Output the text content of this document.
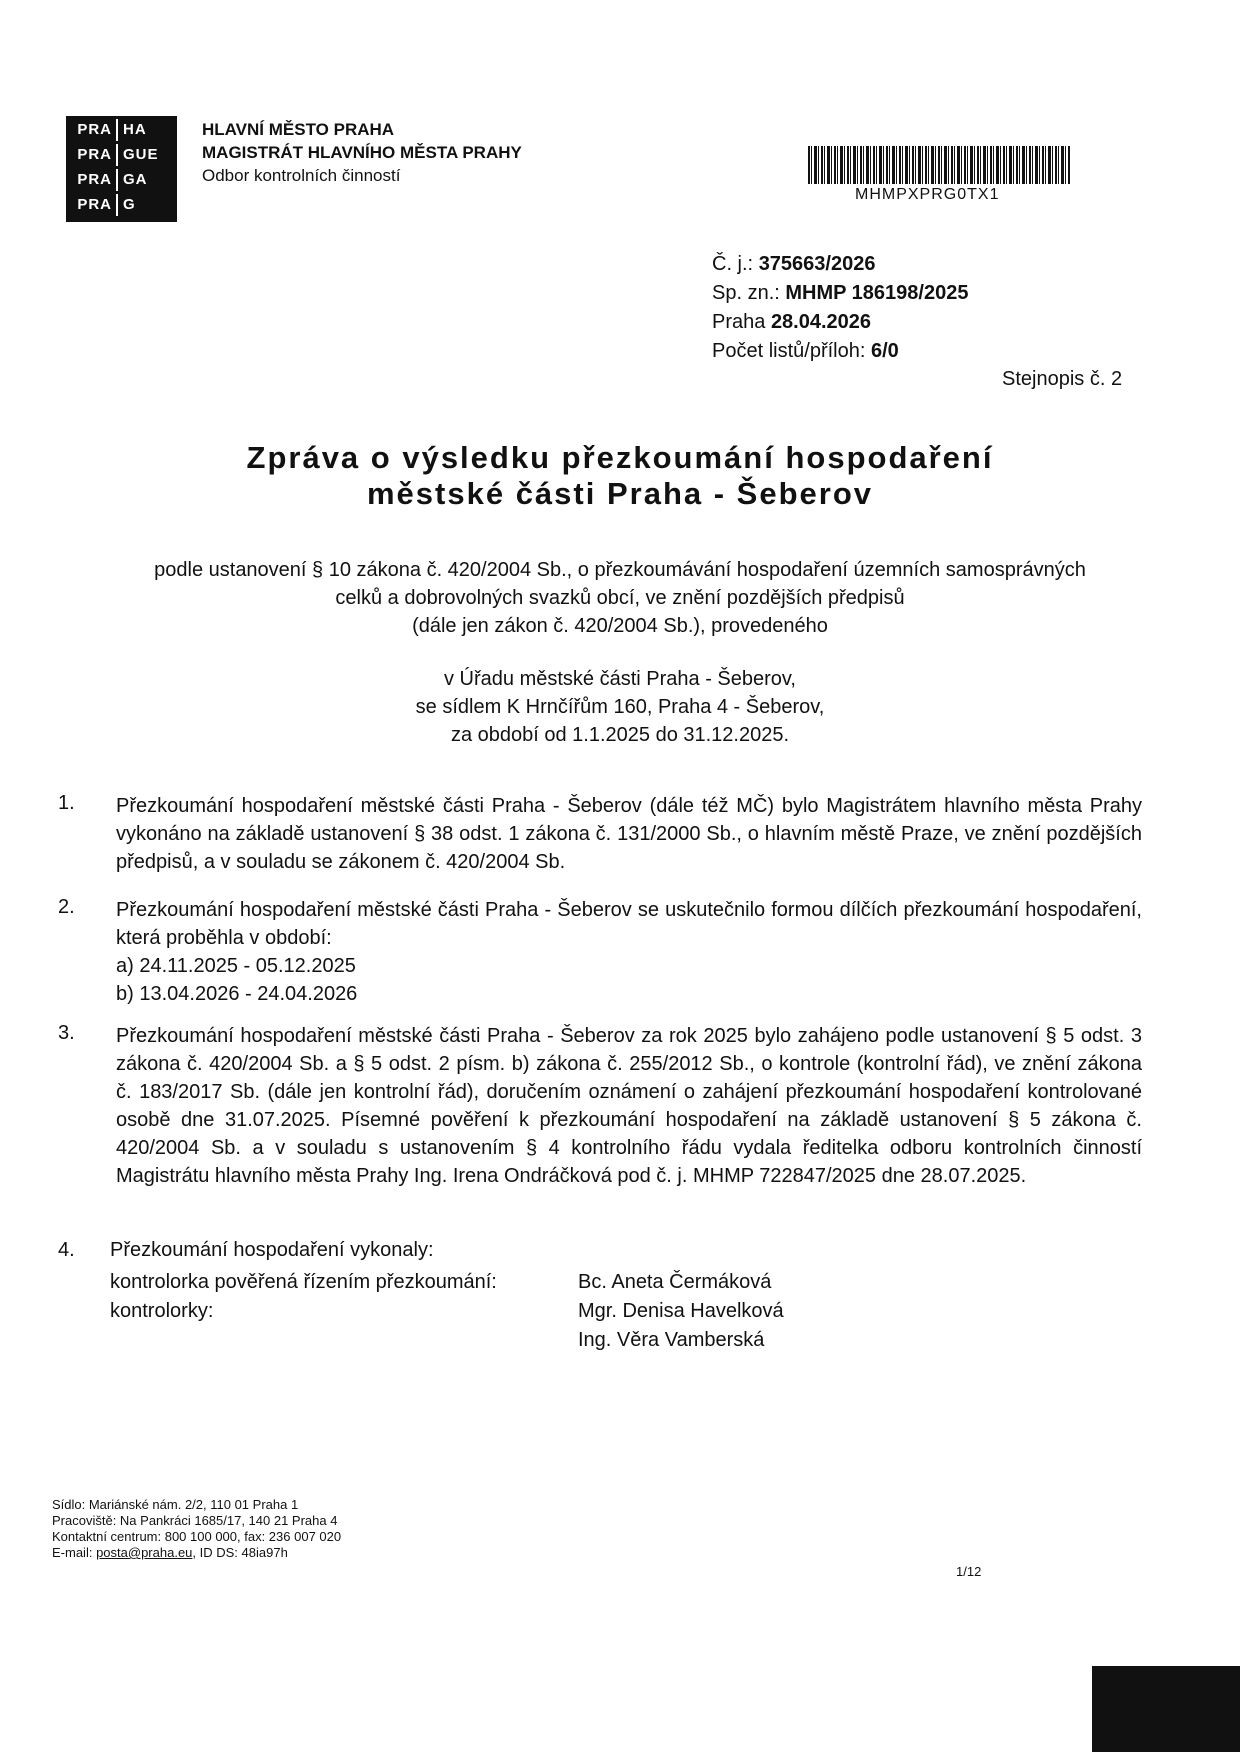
PRA HA
PRA GUE
PRA GA
PRA G
HLAVNÍ MĚSTO PRAHA
MAGISTRÁT HLAVNÍHO MĚSTA PRAHY
Odbor kontrolních činností
MHMPXPRG0TX1
Č. j.: 375663/2026
Sp. zn.: MHMP 186198/2025
Praha 28.04.2026
Počet listů/příloh: 6/0
Stejnopis č. 2
Zpráva o výsledku přezkoumání hospodaření
městské části Praha - Šeberov
podle ustanovení § 10 zákona č. 420/2004 Sb., o přezkoumávání hospodaření územních samosprávných
celků a dobrovolných svazků obcí, ve znění pozdějších předpisů
(dále jen zákon č. 420/2004 Sb.), provedeného
v Úřadu městské části Praha - Šeberov,
se sídlem K Hrnčířům 160, Praha 4 - Šeberov,
za období od 1.1.2025 do 31.12.2025.
1. Přezkoumání hospodaření městské části Praha - Šeberov (dále též MČ) bylo Magistrátem hlavního města Prahy vykonáno na základě ustanovení § 38 odst. 1 zákona č. 131/2000 Sb., o hlavním městě Praze, ve znění pozdějších předpisů, a v souladu se zákonem č. 420/2004 Sb.
2. Přezkoumání hospodaření městské části Praha - Šeberov se uskutečnilo formou dílčích přezkoumání hospodaření, která proběhla v období:
a) 24.11.2025 - 05.12.2025
b) 13.04.2026 - 24.04.2026
3. Přezkoumání hospodaření městské části Praha - Šeberov za rok 2025 bylo zahájeno podle ustanovení § 5 odst. 3 zákona č. 420/2004 Sb. a § 5 odst. 2 písm. b) zákona č. 255/2012 Sb., o kontrole (kontrolní řád), ve znění zákona č. 183/2017 Sb. (dále jen kontrolní řád), doručením oznámení o zahájení přezkoumání hospodaření kontrolované osobě dne 31.07.2025. Písemné pověření k přezkoumání hospodaření na základě ustanovení § 5 zákona č. 420/2004 Sb. a v souladu s ustanovením § 4 kontrolního řádu vydala ředitelka odboru kontrolních činností Magistrátu hlavního města Prahy Ing. Irena Ondráčková pod č. j. MHMP 722847/2025 dne 28.07.2025.
4. Přezkoumání hospodaření vykonaly:
kontrolorka pověřená řízením přezkoumání:
kontrolorky:
Bc. Aneta Čermáková
Mgr. Denisa Havelková
Ing. Věra Vamberská
Sídlo: Mariánské nám. 2/2, 110 01 Praha 1
Pracoviště: Na Pankráci 1685/17, 140 21 Praha 4
Kontaktní centrum: 800 100 000, fax: 236 007 020
E-mail: posta@praha.eu, ID DS: 48ia97h
1/12
